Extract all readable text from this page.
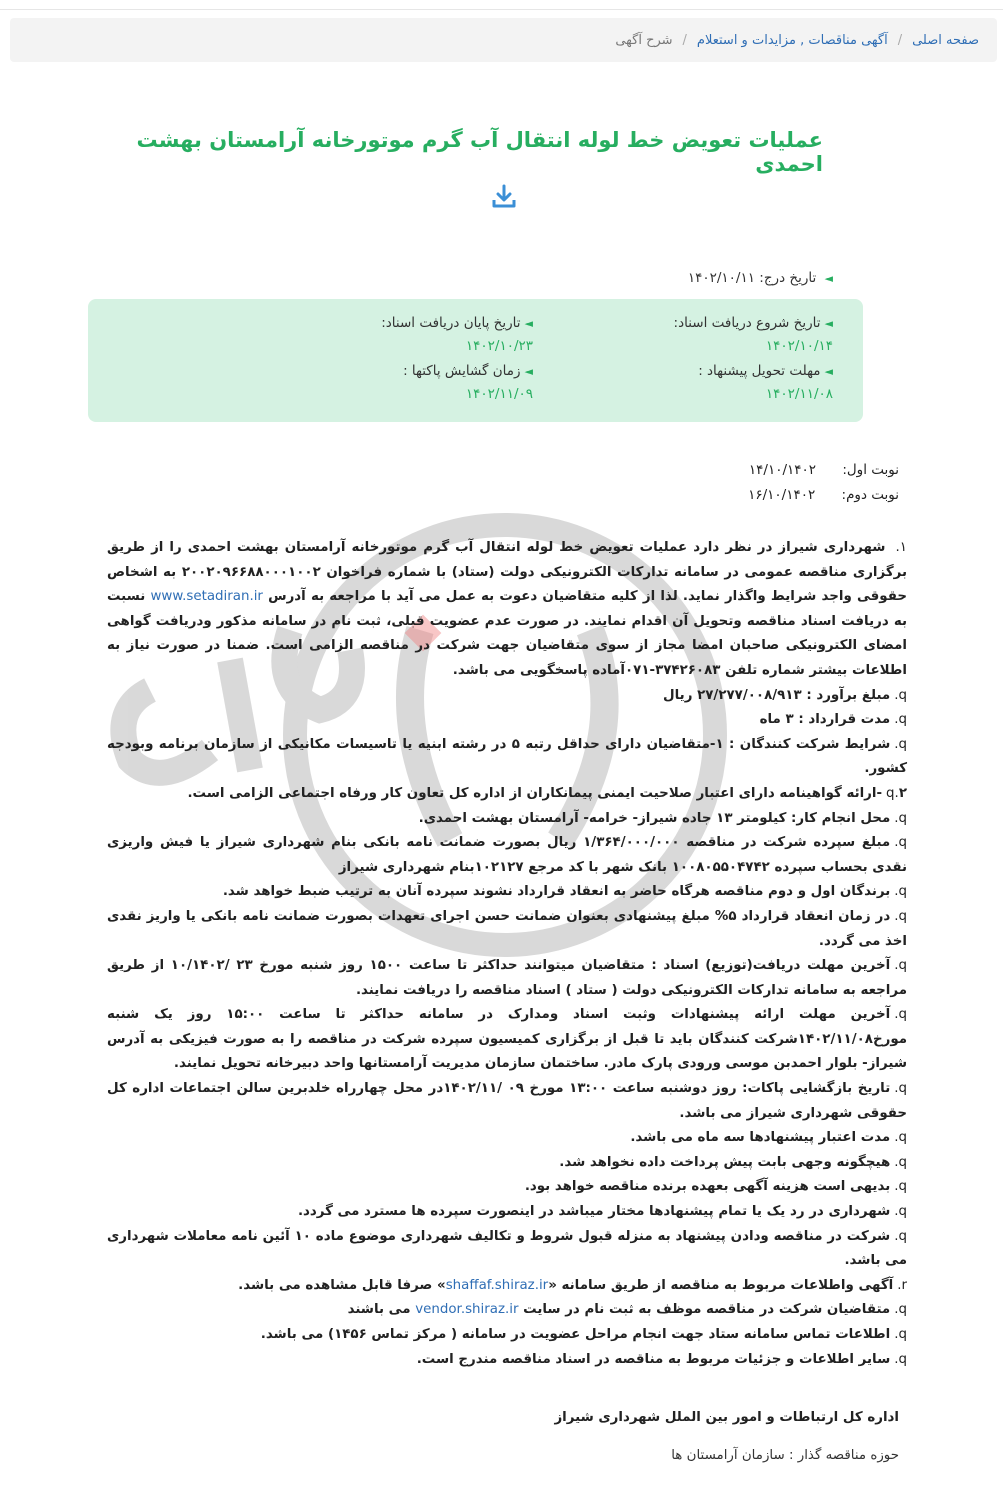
صفحه اصلی
/
آگهی مناقصات , مزایدات و استعلام
/
شرح آگهی
عملیات تعویض خط لوله انتقال آب گرم موتورخانه آرامستان بهشت احمدی
◄ تاریخ درج: ۱۴۰۲/۱۰/۱۱
◄تاریخ شروع دریافت اسناد:
۱۴۰۲/۱۰/۱۴
◄تاریخ پایان دریافت اسناد:
۱۴۰۲/۱۰/۲۳
◄مهلت تحویل پیشنهاد :
۱۴۰۲/۱۱/۰۸
◄زمان گشایش پاکتها :
۱۴۰۲/۱۱/۰۹
نوبت اول: ۱۴/۱۰/۱۴۰۲
نوبت دوم: ۱۶/۱۰/۱۴۰۲
۱. شهرداری شیراز در نظر دارد عملیات تعویض خط لوله انتقال آب گرم موتورخانه آرامستان بهشت احمدی را از طریق برگزاری مناقصه عمومی در سامانه تدارکات الکترونیکی دولت (ستاد) با شماره فراخوان ۲۰۰۲۰۹۶۶۸۸۰۰۰۱۰۰۲ به اشخاص حقوقی واجد شرایط واگذار نماید. لذا از کلیه متقاضیان دعوت به عمل می آید با مراجعه به آدرس www.setadiran.ir نسبت به دریافت اسناد مناقصه وتحویل آن اقدام نمایند. در صورت عدم عضویت قبلی، ثبت نام در سامانه مذکور ودریافت گواهی امضای الکترونیکی صاحبان امضا مجاز از سوی متقاضیان جهت شرکت در مناقصه الزامی است. ضمنا در صورت نیاز به اطلاعات بیشتر شماره تلفن ۳۷۴۲۶۰۸۳-۰۷۱آماده پاسخگویی می باشد.
q.مبلغ برآورد : ۲۷/۲۷۷/۰۰۸/۹۱۳ ریال
q.مدت قرارداد : ۳ ماه
q.شرایط شرکت کنندگان : ۱-متقاضیان دارای حداقل رتبه ۵ در رشته ابنیه یا تاسیسات مکانیکی از سازمان برنامه وبودجه کشور.
q.۲-ارائه گواهینامه دارای اعتبار صلاحیت ایمنی پیمانکاران از اداره کل تعاون کار ورفاه اجتماعی الزامی است.
q.محل انجام کار: کیلومتر ۱۳ جاده شیراز- خرامه- آرامستان بهشت احمدی.
q.مبلغ سپرده شرکت در مناقصه ۱/۳۶۴/۰۰۰/۰۰۰ ریال بصورت ضمانت نامه بانکی بنام شهرداری شیراز یا فیش واریزی نقدی بحساب سپرده ۱۰۰۸۰۵۵۰۴۷۴۲ بانک شهر با کد مرجع ۱۰۲۱۲۷بنام شهرداری شیراز
q.برندگان اول و دوم مناقصه هرگاه حاضر به انعقاد قرارداد نشوند سپرده آنان به ترتیب ضبط خواهد شد.
q.در زمان انعقاد قرارداد ۵% مبلغ پیشنهادی بعنوان ضمانت حسن اجرای تعهدات بصورت ضمانت نامه بانکی یا واریز نقدی اخذ می گردد.
q.آخرین مهلت دریافت(توزیع) اسناد : متقاضیان میتوانند حداکثر تا ساعت ۱۵۰۰ روز شنبه مورخ ۲۳ /۱۰/۱۴۰۲ از طریق مراجعه به سامانه تدارکات الکترونیکی دولت ( ستاد ) اسناد مناقصه را دریافت نمایند.
q.آخرین مهلت ارائه پیشنهادات وثبت اسناد ومدارک در سامانه حداکثر تا ساعت ۱۵:۰۰ روز یک شنبه مورخ۱۴۰۲/۱۱/۰۸شرکت کنندگان باید تا قبل از برگزاری کمیسیون سپرده شرکت در مناقصه را به صورت فیزیکی به آدرس شیراز- بلوار احمدبن موسی ورودی پارک مادر. ساختمان سازمان مدیریت آرامستانها واحد دبیرخانه تحویل نمایند.
q.تاریخ بازگشایی پاکات: روز دوشنبه ساعت ۱۳:۰۰ مورخ ۰۹ /۱۴۰۲/۱۱در محل چهارراه خلدبرین سالن اجتماعات اداره کل حقوقی شهرداری شیراز می باشد.
q.مدت اعتبار پیشنهادها سه ماه می باشد.
q.هیچگونه وجهی بابت پیش پرداخت داده نخواهد شد.
q.بدیهی است هزینه آگهی بعهده برنده مناقصه خواهد بود.
q.شهرداری در رد یک یا تمام پیشنهادها مختار میباشد در اینصورت سپرده ها مسترد می گردد.
q.شرکت در مناقصه ودادن پیشنهاد به منزله قبول شروط و تکالیف شهرداری موضوع ماده ۱۰ آئین نامه معاملات شهرداری می باشد.
r.آگهی واطلاعات مربوط به مناقصه از طریق سامانه «shaffaf.shiraz.ir» صرفا قابل مشاهده می باشد.
q.متقاضیان شرکت در مناقصه موظف به ثبت نام در سایت vendor.shiraz.ir می باشند
q.اطلاعات تماس سامانه ستاد جهت انجام مراحل عضویت در سامانه ( مرکز تماس ۱۴۵۶) می باشد.
q.سایر اطلاعات و جزئیات مربوط به مناقصه در اسناد مناقصه مندرج است.
اداره کل ارتباطات و امور بین الملل شهرداری شیراز
حوزه مناقصه گذار : سازمان آرامستان ها
